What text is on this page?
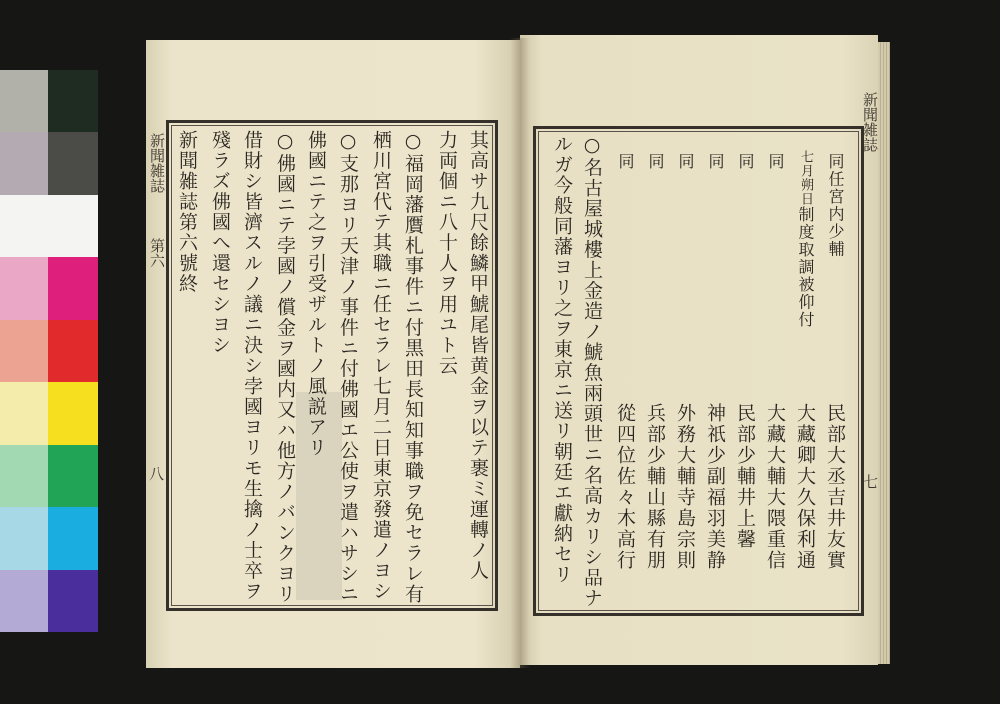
新聞雑誌
第六
八	其高サ九尺餘鱗甲鯱尾皆黄金ヲ以テ裹ミ運轉ノ人
力両個ニ八十人ヲ用ユト云
○福岡藩贋札事件ニ付黒田長知知事職ヲ免セラレ有
栖川宮代テ其職ニ任セラレ七月二日東京發遣ノヨシ
○支那ヨリ天津ノ事件ニ付佛國エ公使ヲ遣ハサシニ
佛國ニテ之ヲ引受ザルトノ風説アリ
○佛國ニテ孛國ノ償金ヲ國内又ハ他方ノバンクヨリ
借財シ皆濟スルノ議ニ決シ孛國ヨリモ生擒ノ士卒ヲ
殘ラズ佛國へ還セシヨシ
新聞雑誌第六號終
新聞雑誌
七
同任宮内少輔
七月朔日制度取調被仰付
同
同
同
同
同
同
民部大丞吉井友實
大藏卿大久保利通
大藏大輔大隈重信
民部少輔井上馨
神祇少副福羽美静
外務大輔寺島宗則
兵部少輔山縣有朋
從四位佐々木高行
○名古屋城樓上金造ノ鯱魚兩頭世ニ名高カリシ品ナ
ルガ今般同藩ヨリ之ヲ東京ニ送リ朝廷エ獻納セリ
